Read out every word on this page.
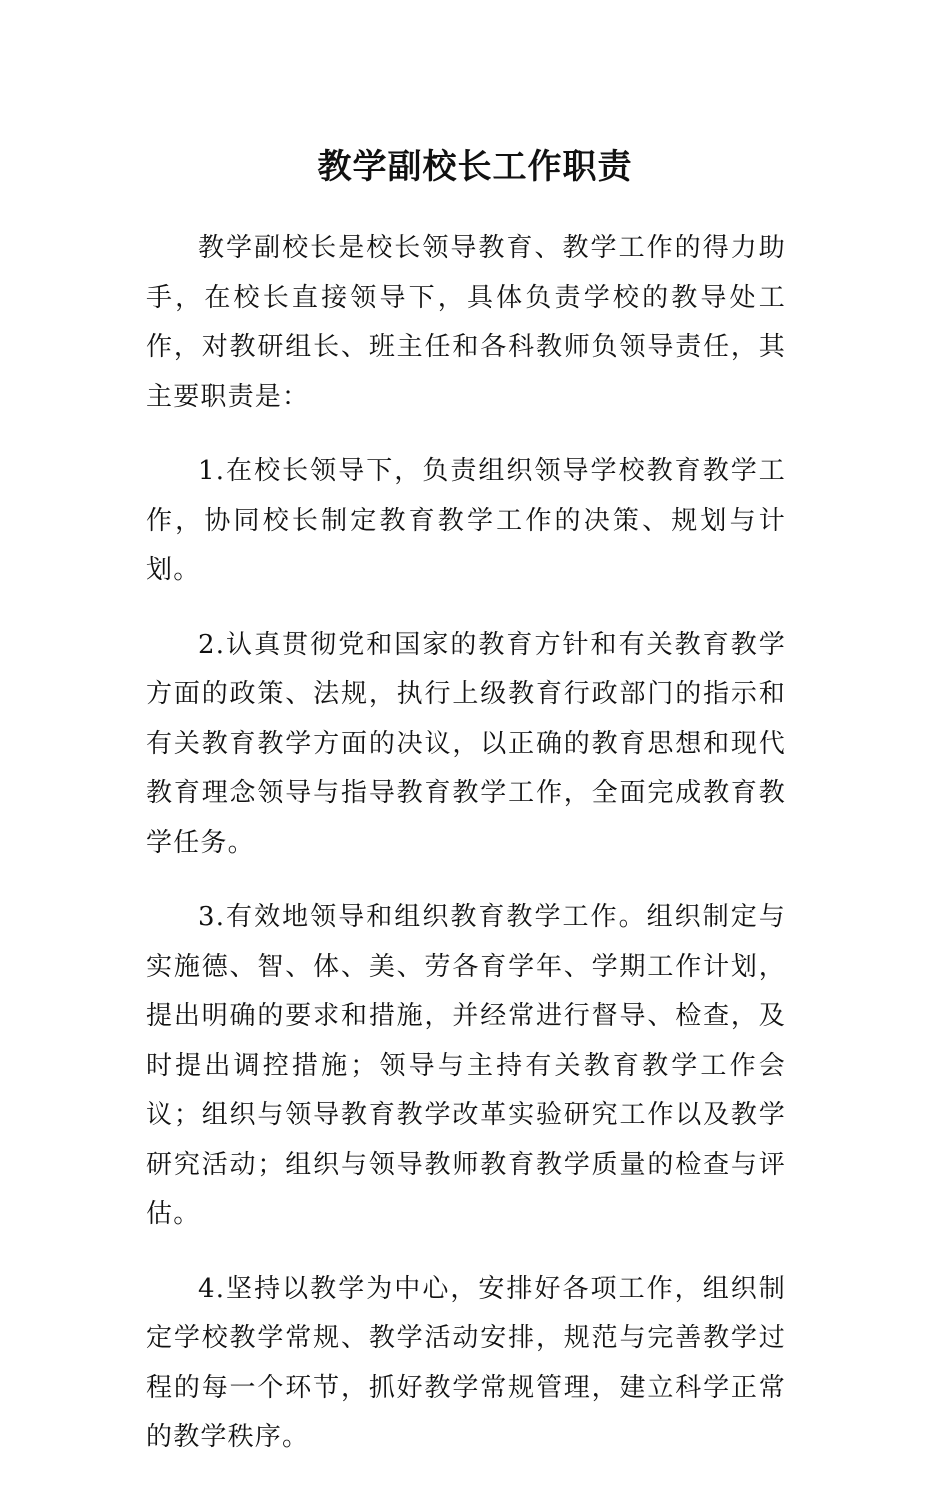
教学副校长工作职责

教学副校长是校长领导教育、教学工作的得力助手，在校长直接领导下，具体负责学校的教导处工作，对教研组长、班主任和各科教师负领导责任，其主要职责是：

1.在校长领导下，负责组织领导学校教育教学工作，协同校长制定教育教学工作的决策、规划与计划。

2.认真贯彻党和国家的教育方针和有关教育教学方面的政策、法规，执行上级教育行政部门的指示和有关教育教学方面的决议，以正确的教育思想和现代教育理念领导与指导教育教学工作，全面完成教育教学任务。

3.有效地领导和组织教育教学工作。组织制定与实施德、智、体、美、劳各育学年、学期工作计划，提出明确的要求和措施，并经常进行督导、检查，及时提出调控措施；领导与主持有关教育教学工作会议；组织与领导教育教学改革实验研究工作以及教学研究活动；组织与领导教师教育教学质量的检查与评估。

4.坚持以教学为中心，安排好各项工作，组织制定学校教学常规、教学活动安排，规范与完善教学过程的每一个环节，抓好教学常规管理，建立科学正常的教学秩序。
